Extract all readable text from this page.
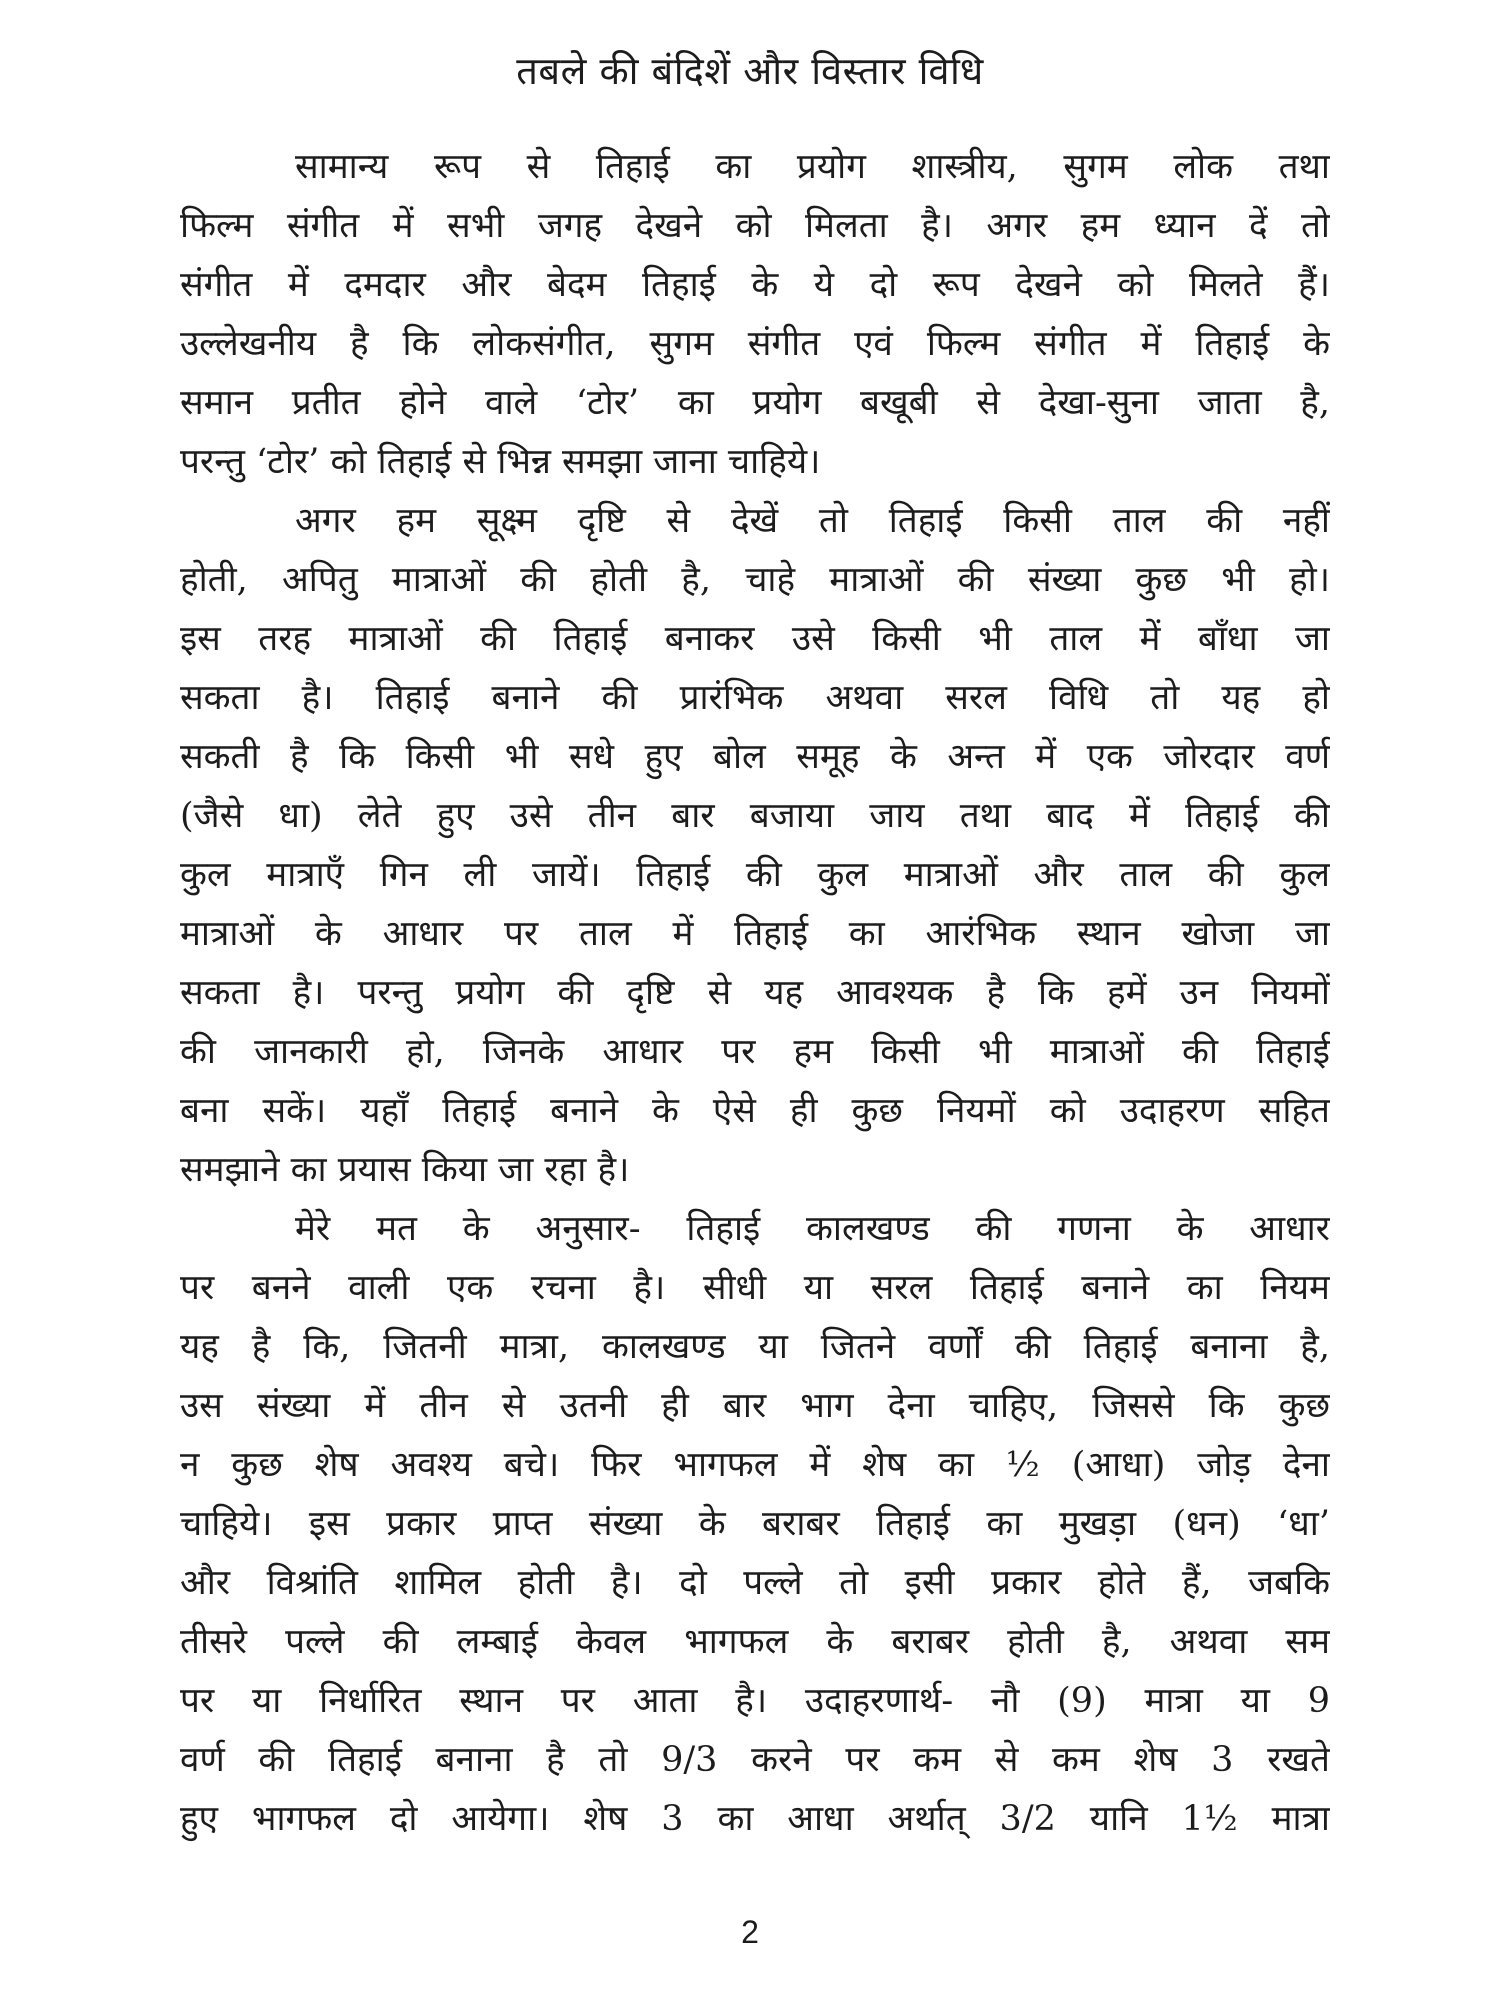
तबले की बंदिशें और विस्तार विधि
सामान्य रूप से तिहाई का प्रयोग शास्त्रीय, सुगम लोक तथा
फिल्म संगीत में सभी जगह देखने को मिलता है। अगर हम ध्यान दें तो
संगीत में दमदार और बेदम तिहाई के ये दो रूप देखने को मिलते हैं।
उल्लेखनीय है कि लोकसंगीत, सुगम संगीत एवं फिल्म संगीत में तिहाई के
समान प्रतीत होने वाले ‘टोर’ का प्रयोग बखूबी से देखा-सुना जाता है,
परन्तु ‘टोर’ को तिहाई से भिन्न समझा जाना चाहिये।
अगर हम सूक्ष्म दृष्टि से देखें तो तिहाई किसी ताल की नहीं
होती, अपितु मात्राओं की होती है, चाहे मात्राओं की संख्या कुछ भी हो।
इस तरह मात्राओं की तिहाई बनाकर उसे किसी भी ताल में बाँधा जा
सकता है। तिहाई बनाने की प्रारंभिक अथवा सरल विधि तो यह हो
सकती है कि किसी भी सधे हुए बोल समूह के अन्त में एक जोरदार वर्ण
(जैसे धा) लेते हुए उसे तीन बार बजाया जाय तथा बाद में तिहाई की
कुल मात्राएँ गिन ली जायें। तिहाई की कुल मात्राओं और ताल की कुल
मात्राओं के आधार पर ताल में तिहाई का आरंभिक स्थान खोजा जा
सकता है। परन्तु प्रयोग की दृष्टि से यह आवश्यक है कि हमें उन नियमों
की जानकारी हो, जिनके आधार पर हम किसी भी मात्राओं की तिहाई
बना सकें। यहाँ तिहाई बनाने के ऐसे ही कुछ नियमों को उदाहरण सहित
समझाने का प्रयास किया जा रहा है।
मेरे मत के अनुसार- तिहाई कालखण्ड की गणना के आधार
पर बनने वाली एक रचना है। सीधी या सरल तिहाई बनाने का नियम
यह है कि, जितनी मात्रा, कालखण्ड या जितने वर्णों की तिहाई बनाना है,
उस संख्या में तीन से उतनी ही बार भाग देना चाहिए, जिससे कि कुछ
न कुछ शेष अवश्य बचे। फिर भागफल में शेष का ½ (आधा) जोड़ देना
चाहिये। इस प्रकार प्राप्त संख्या के बराबर तिहाई का मुखड़ा (धन) ‘धा’
और विश्रांति शामिल होती है। दो पल्ले तो इसी प्रकार होते हैं, जबकि
तीसरे पल्ले की लम्बाई केवल भागफल के बराबर होती है, अथवा सम
पर या निर्धारित स्थान पर आता है। उदाहरणार्थ- नौ (9) मात्रा या 9
वर्ण की तिहाई बनाना है तो 9/3 करने पर कम से कम शेष 3 रखते
हुए भागफल दो आयेगा। शेष 3 का आधा अर्थात् 3/2 यानि 1½ मात्रा
2
